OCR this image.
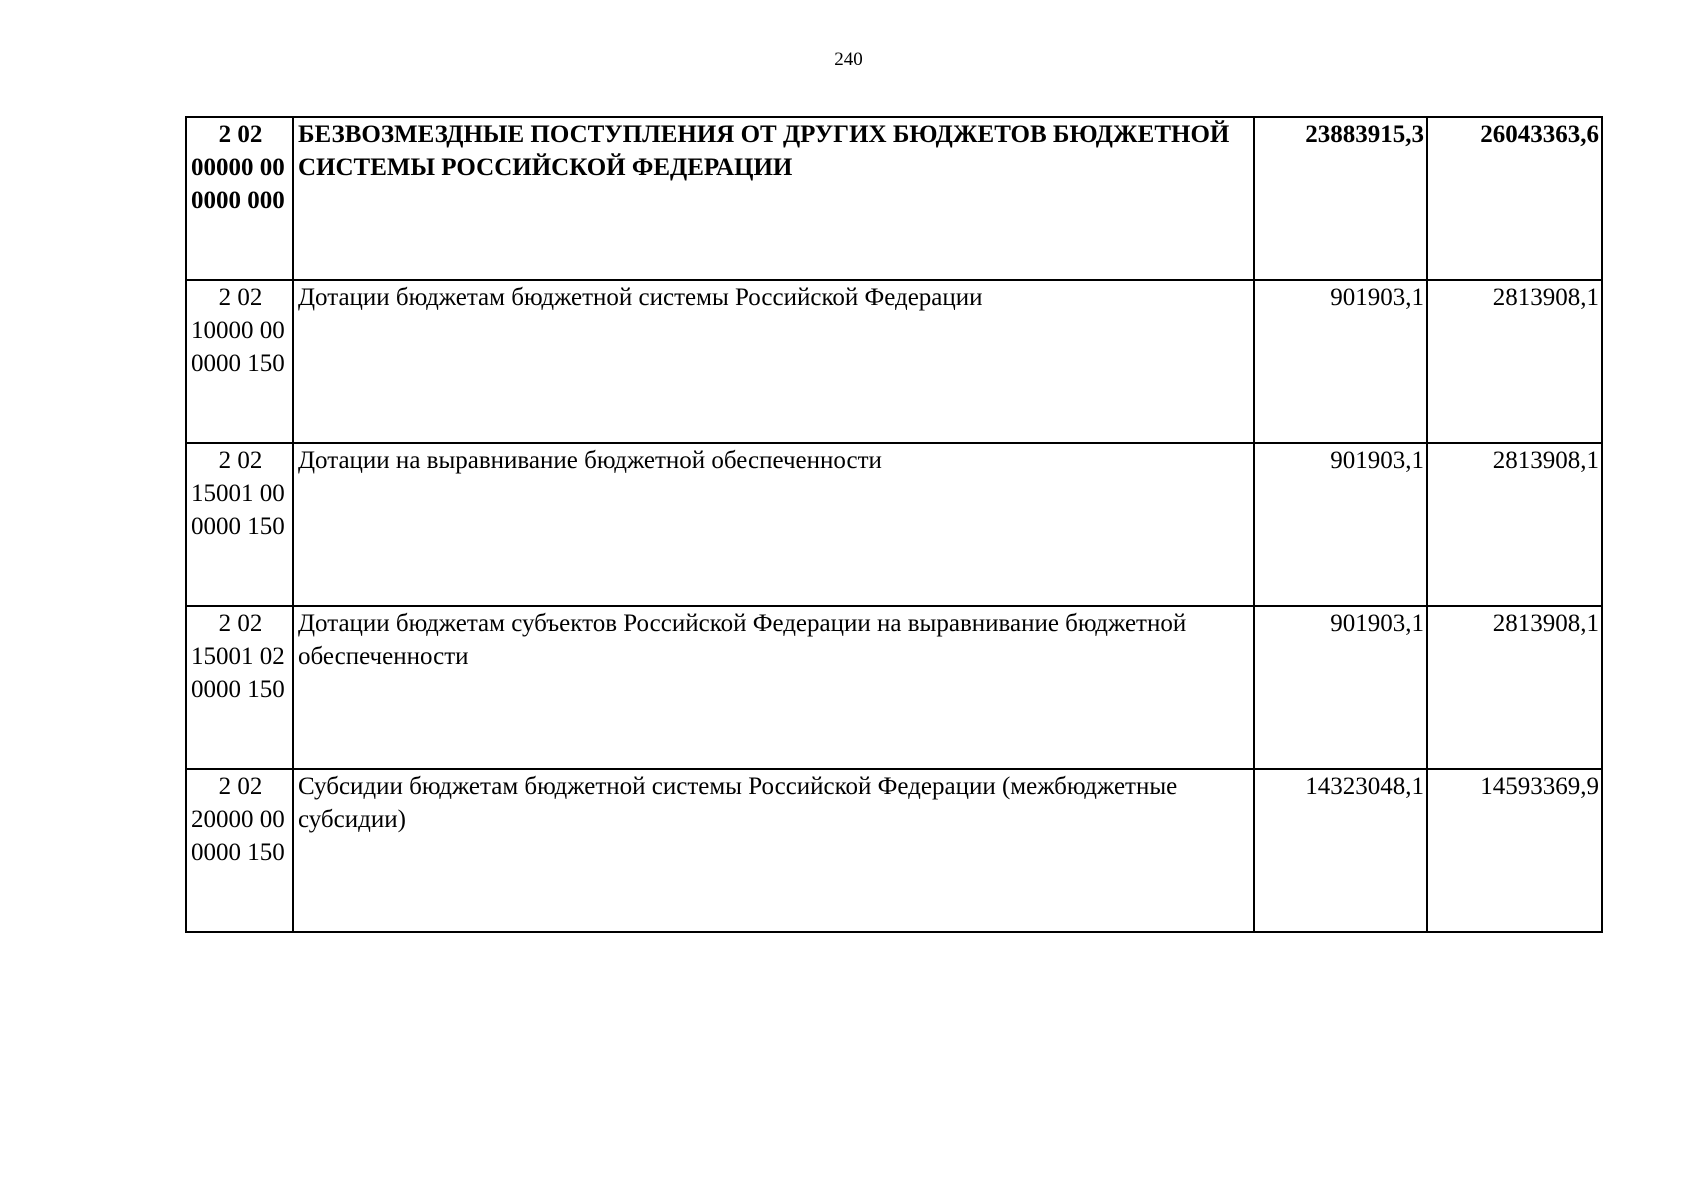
240
2 02
00000 00
0000 000	БЕЗВОЗМЕЗДНЫЕ ПОСТУПЛЕНИЯ ОТ ДРУГИХ БЮДЖЕТОВ БЮДЖЕТНОЙ СИСТЕМЫ РОССИЙСКОЙ ФЕДЕРАЦИИ	23883915,3	26043363,6

2 02
10000 00
0000 150	Дотации бюджетам бюджетной системы Российской Федерации	901903,1	2813908,1

2 02
15001 00
0000 150	Дотации на выравнивание бюджетной обеспеченности	901903,1	2813908,1

2 02
15001 02
0000 150	Дотации бюджетам субъектов Российской Федерации на выравнивание бюджетной обеспеченности	901903,1	2813908,1

2 02
20000 00
0000 150	Субсидии бюджетам бюджетной системы Российской Федерации (межбюджетные субсидии)	14323048,1	14593369,9
